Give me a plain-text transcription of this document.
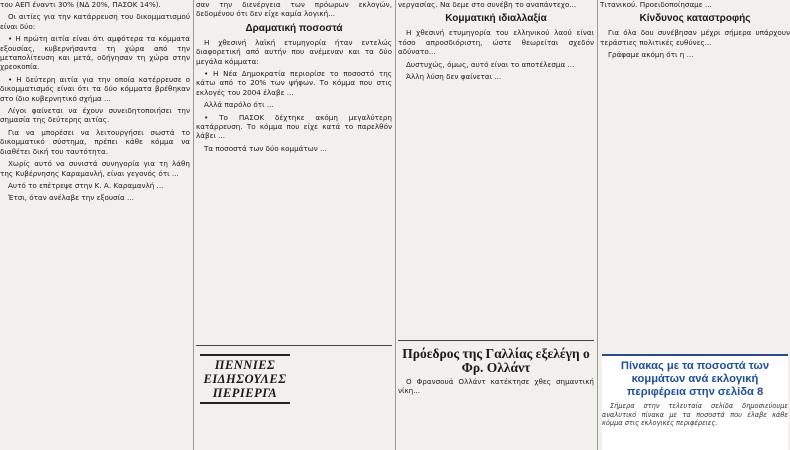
του ΑΕΠ έναντι 30% (ΝΔ 20%, ΠΑΣΟΚ 14%).

Οι αιτίες για την κατάρρευση του δικομματισμού είναι δύο:

• Η πρώτη αιτία είναι ότι αμφότερα τα κόμματα εξουσίας, κυβερνήσαντα τη χώρα από την μεταπολίτευση και μετά, οδήγησαν τη χώρα στην χρεοκοπία.

• Η δεύτερη αιτία για την οποία κατέρρευσε ο δικομματισμός είναι ότι τα δύο κόμματα βρέθηκαν στο ίδιο κυβερνητικό σχήμα ...

Λίγοι φαίνεται να έχουν συνειδητοποιήσει την σημασία της δεύτερης αιτίας.

Για να μπορέσει να λειτουργήσει σωστά το δικομματικό σύστημα, πρέπει κάθε κόμμα να διαθέτει δική του ταυτότητα.

Χωρίς αυτό να συνιστά συνηγορία για τη λάθη της Κυβέρνησης Καραμανλή, είναι γεγονός ότι ...

Αυτό το επέτρεψε στην Κ. Α. Καραμανλή ...

Έτσι, όταν ανέλαβε την εξουσία ...

σαν την διενέργεια των πρόωρων εκλογών, δεδομένου ότι δεν είχε καμία λογική...

Δραματική ποσοστά

Η χθεσινή λαϊκή ετυμηγορία ήταν εντελώς διαφορετική από αυτήν που ανέμεναν και τα δύο μεγάλα κόμματα:

• Η Νέα Δημοκρατία περιορίσε το ποσοστό της κάτω από το 20% των ψήφων. Το κόμμα που στις εκλογές του 2004 έλαβε ...

Αλλά παρόλο ότι ...

• Το ΠΑΣΟΚ δέχτηκε ακόμη μεγαλύτερη κατάρρευση. Το κόμμα που είχε κατά το παρελθόν λάβει ...

Τα ποσοστά των δύο κομμάτων ...

ΠΕΝΝΙΕΣ
ΕΙΔΗΣΟΥΛΕΣ
ΠΕΡΙΕΡΓΑ

νεργασίας. Να δεμε στο συνέβη το αναπάντεχο...

Κομματική ιδιαλλαξία

Η χθεσινή ετυμηγορία του ελληνικού λαού είναι τόσο απροσδιόριστη, ώστε θεωρείται σχεδόν αδύνατο...

Δυστυχώς, όμως, αυτό είναι το αποτέλεσμα ...

Άλλη λύση δεν φαίνεται ...

Πρόεδρος της Γαλλίας εξελέγη ο Φρ. Ολλάντ

Ο Φρανσουά Ολλάντ κατέκτησε χθες σημαντική νίκη...

Τιτανικού. Προειδοποίησαμε ...

Κίνδυνος καταστροφής

Για όλα δου συνέβησαν μέχρι σήμερα υπάρχουν τεράστιες πολιτικές ευθύνες...

Γράφαμε ακόμη ότι η ...

Πίνακας με τα ποσοστά των κομμάτων ανά εκλογική περιφέρεια στην σελίδα 8

Σήμερα στην τελευταία σελίδα δημοσιεύουμε αναλυτικό πίνακα με τα ποσοστά που έλαβε κάθε κόμμα στις εκλογικές περιφέρειες.
